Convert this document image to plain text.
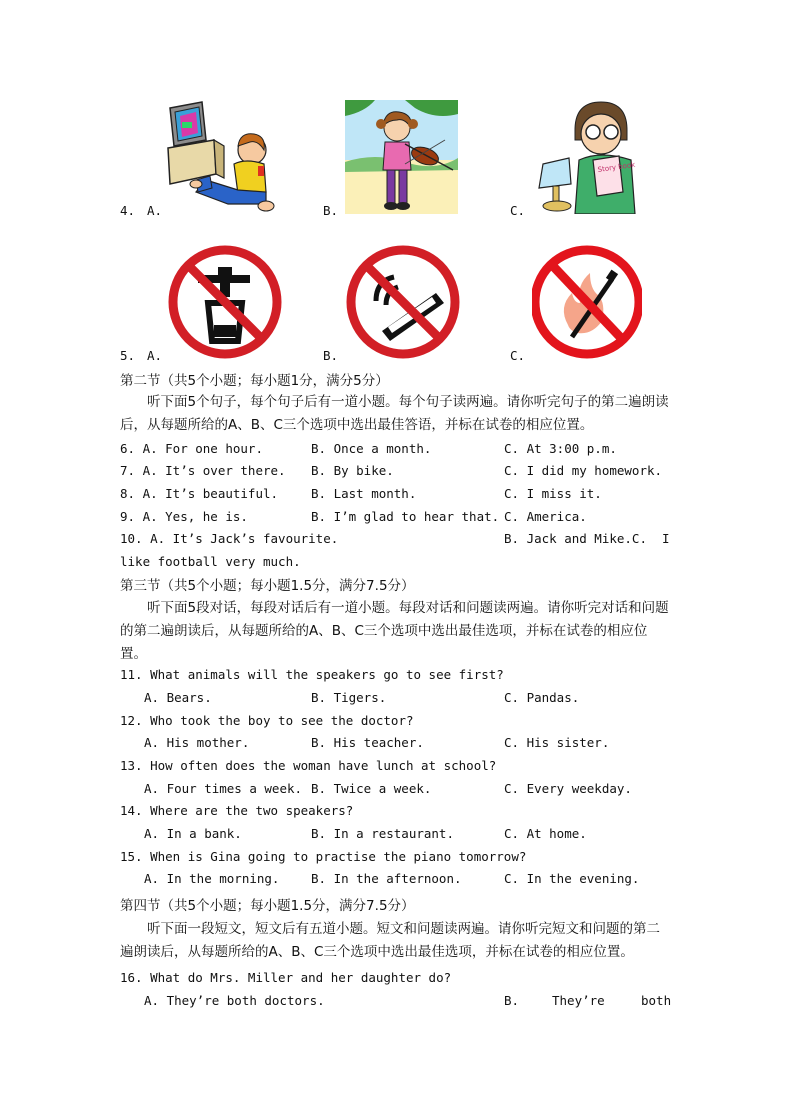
4. A.	B.	C.
Story book
5. A.	B.	C.
第二节（共5个小题；每小题1分，满分5分）
听下面5个句子，每个句子后有一道小题。每个句子读两遍。请你听完句子的第二遍朗读后，从每题所给的A、B、C三个选项中选出最佳答语，并标在试卷的相应位置。
6. A. For one hour.	B. Once a month.	C. At 3:00 p.m.
7. A. It’s over there. B. By bike.	C. I did my homework.
8. A. It’s beautiful.	B. Last month.	C. I miss it.
9. A. Yes, he is.	B. I’m glad to hear that. C. America.
10. A. It’s Jack’s favourite.	B. Jack and Mike.C. I
like football very much.
第三节（共5个小题；每小题1.5分，满分7.5分）
听下面5段对话，每段对话后有一道小题。每段对话和问题读两遍。请你听完对话和问题的第二遍朗读后，从每题所给的A、B、C三个选项中选出最佳选项，并标在试卷的相应位置。
11. What animals will the speakers go to see first?
A. Bears.	B. Tigers.	C. Pandas.
12. Who took the boy to see the doctor?
A. His mother.	B. His teacher.	C. His sister.
13. How often does the woman have lunch at school?
A. Four times a week. B. Twice a week.	C. Every weekday.
14. Where are the two speakers?
A. In a bank.	B. In a restaurant.	C. At home.
15. When is Gina going to practise the piano tomorrow?
A. In the morning.	B. In the afternoon.	C. In the evening.
第四节（共5个小题；每小题1.5分，满分7.5分）
听下面一段短文，短文后有五道小题。短文和问题读两遍。请你听完短文和问题的第二遍朗读后，从每题所给的A、B、C三个选项中选出最佳选项，并标在试卷的相应位置。
16. What do Mrs. Miller and her daughter do?
A. They’re both doctors.	B.	They’re	both
